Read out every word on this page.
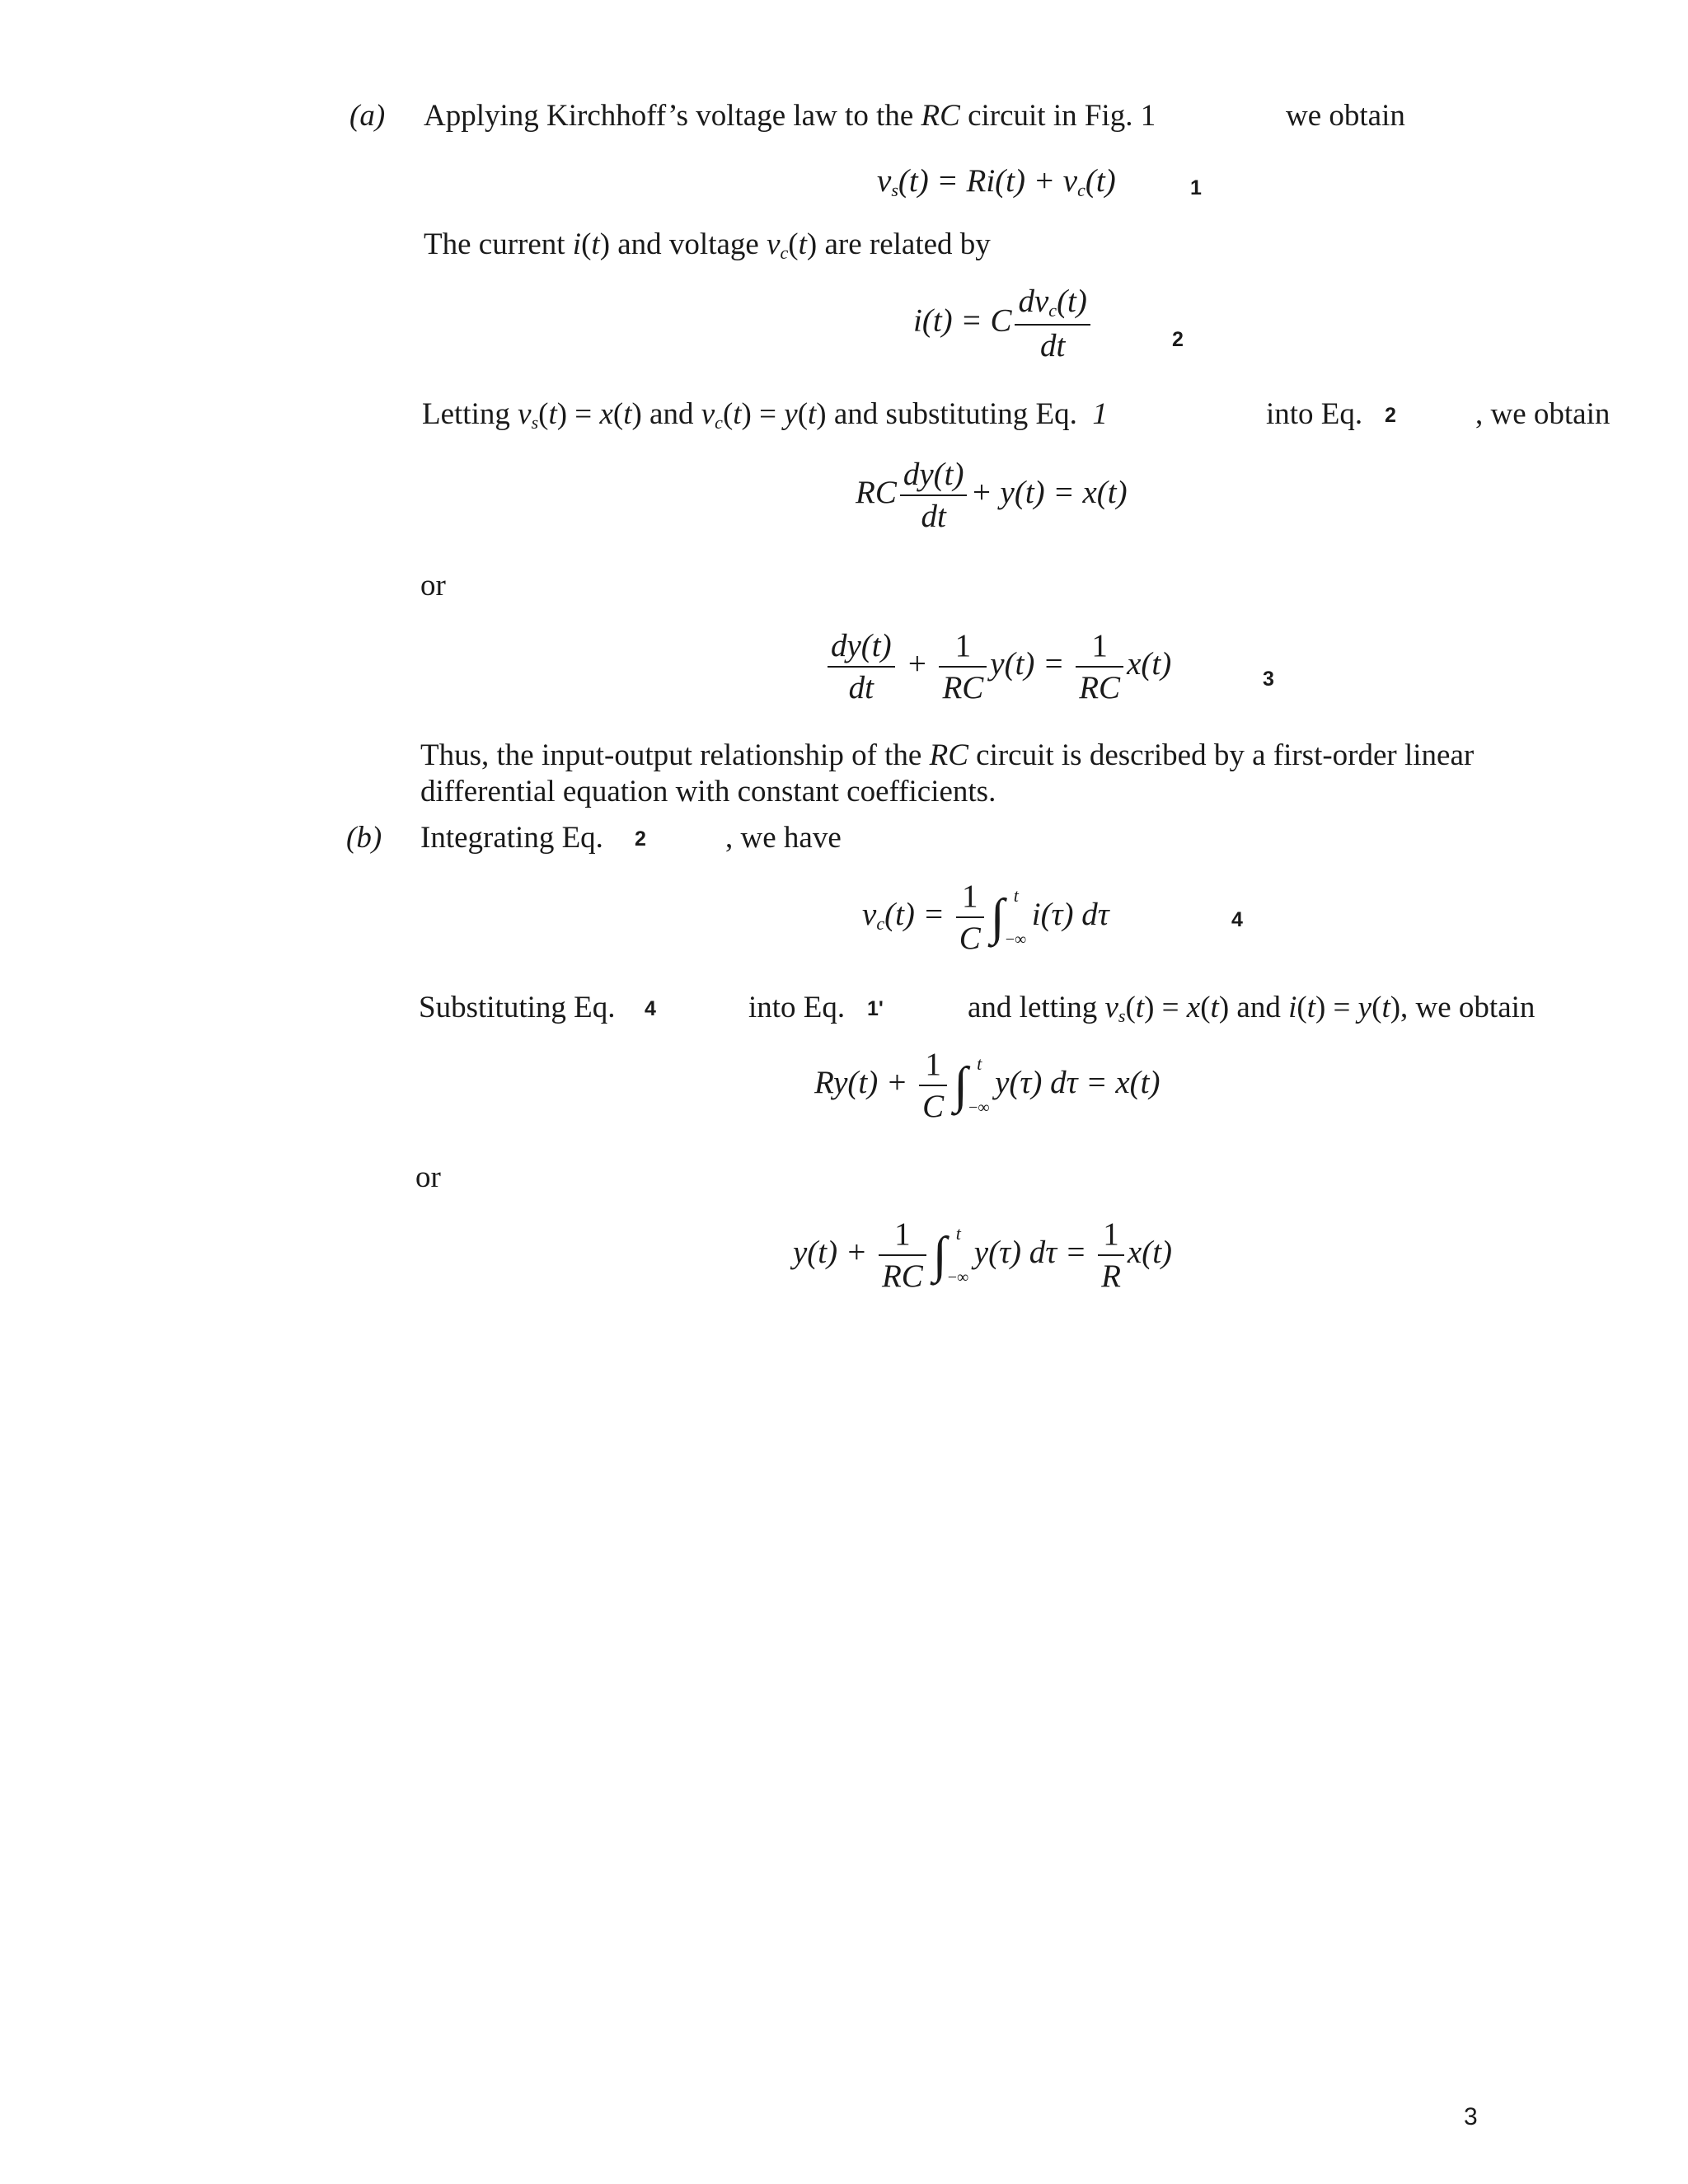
(a) Applying Kirchhoff’s voltage law to the RC circuit in Fig. 1	we obtain
$v_s(t) = Ri(t) + v_c(t)$	1
The current i(t) and voltage $v_c(t)$ are related by
i(t) = C $\frac{dv_c(t)}{dt}$	2
Letting $v_s(t) = x(t)$ and $v_c(t) = y(t)$ and substituting Eq.  1	into Eq. 2	, we obtain
RC $\frac{dy(t)}{dt} + y(t) = x(t)$
or
$\frac{dy(t)}{dt} + \frac{1}{RC} y(t) = \frac{1}{RC} x(t)$	3
Thus, the input-output relationship of the RC circuit is described by a first-order linear
differential equation with constant coefficients.
(b) Integrating Eq. 2	, we have
$v_c(t) = \frac{1}{C}$ ∫ t
−∞
i(τ) dτ	4
Substituting Eq. 4	into Eq. 1'	and letting $v_s(t) = x(t)$ and i(t) = y(t), we obtain
$Ry(t) + \frac{1}{C}$ ∫ t
−∞
y(τ) dτ = x(t)
or
$y(t) + \frac{1}{RC}$ ∫ t
−∞
y(τ) $d\tau = \frac{1}{R} x(t)$
3
